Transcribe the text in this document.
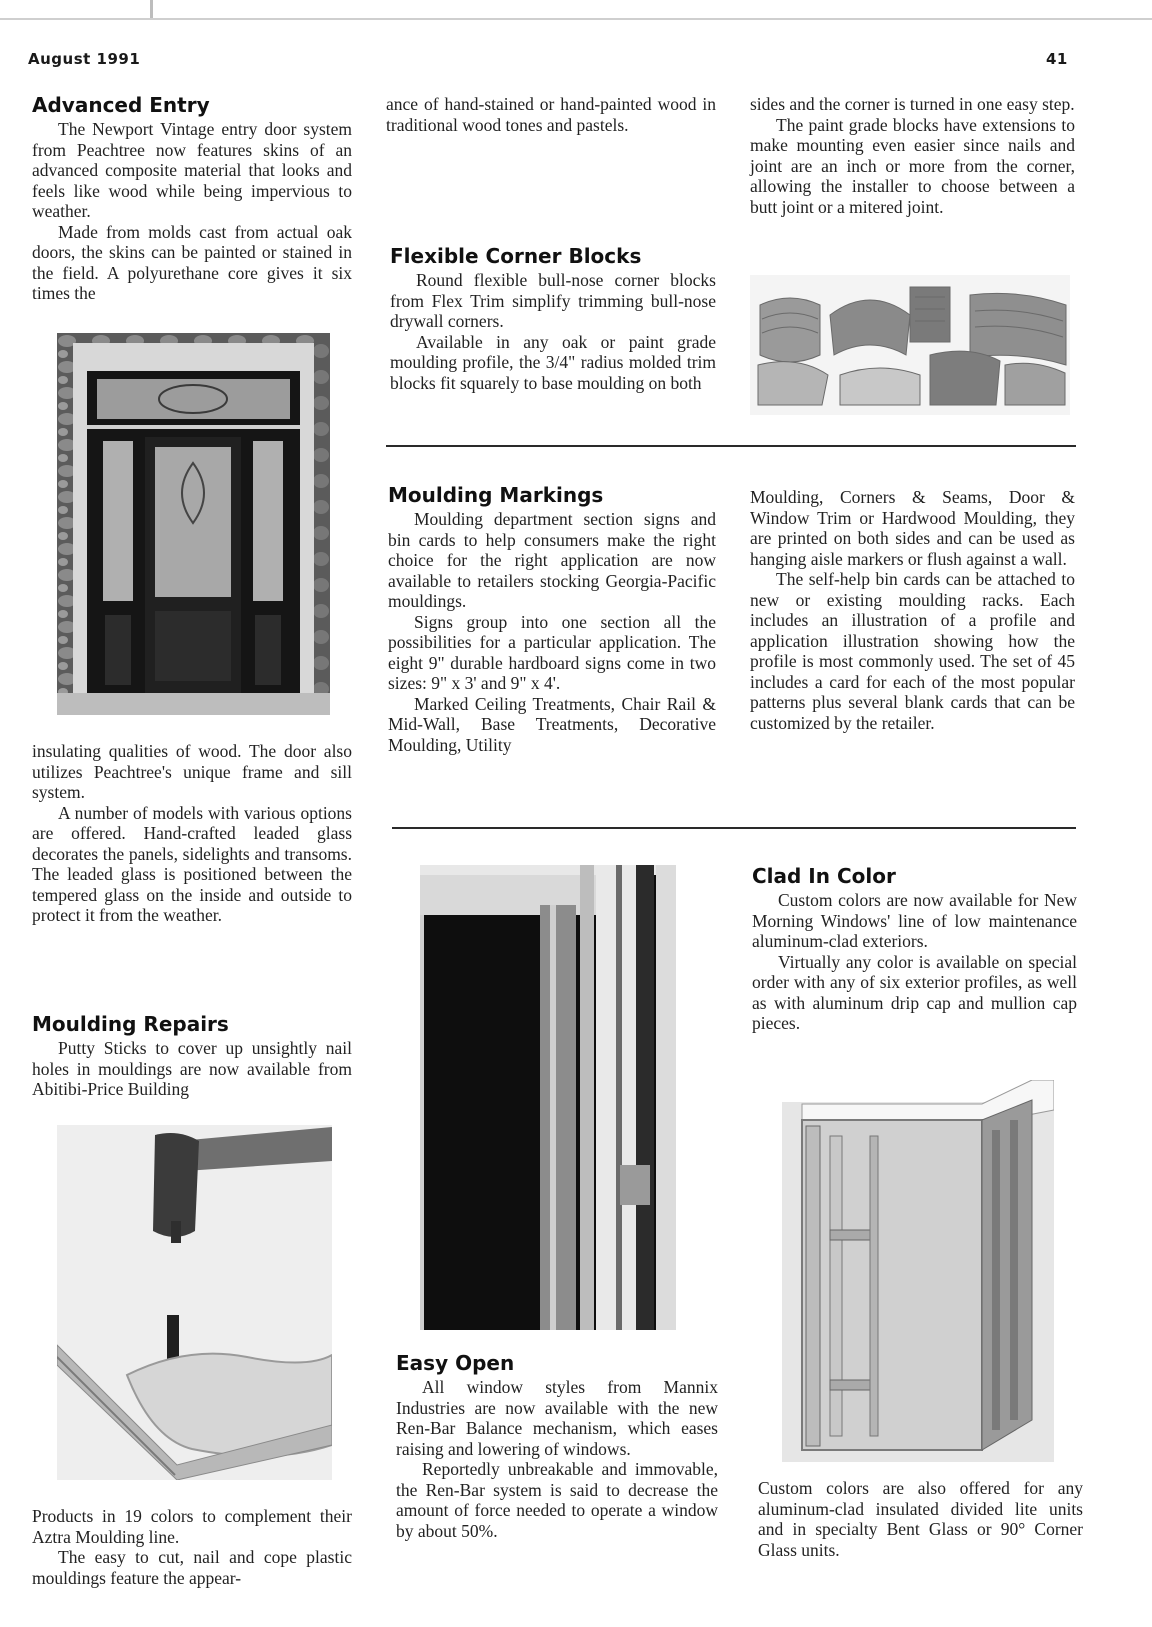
August 1991	41
Advanced Entry

The Newport Vintage entry door system from Peachtree now features skins of an advanced composite material that looks and feels like wood while being impervious to weather.

Made from molds cast from actual oak doors, the skins can be painted or stained in the field. A polyurethane core gives it six times the

insulating qualities of wood. The door also utilizes Peachtree's unique frame and sill system.

A number of models with various options are offered. Hand-crafted leaded glass decorates the panels, sidelights and transoms. The leaded glass is positioned between the tempered glass on the inside and outside to protect it from the weather.

Moulding Repairs

Putty Sticks to cover up unsightly nail holes in mouldings are now available from Abitibi-Price Building

Products in 19 colors to complement their Aztra Moulding line.

The easy to cut, nail and cope plastic mouldings feature the appear-

ance of hand-stained or hand-painted wood in traditional wood tones and pastels.

Flexible Corner Blocks

Round flexible bull-nose corner blocks from Flex Trim simplify trimming bull-nose drywall corners.

Available in any oak or paint grade moulding profile, the 3/4" radius molded trim blocks fit squarely to base moulding on both

sides and the corner is turned in one easy step.

The paint grade blocks have extensions to make mounting even easier since nails and joint are an inch or more from the corner, allowing the installer to choose between a butt joint or a mitered joint.

Moulding Markings

Moulding department section signs and bin cards to help consumers make the right choice for the right application are now available to retailers stocking Georgia-Pacific mouldings.

Signs group into one section all the possibilities for a particular application. The eight 9" durable hardboard signs come in two sizes: 9" x 3' and 9" x 4'.

Marked Ceiling Treatments, Chair Rail & Mid-Wall, Base Treatments, Decorative Moulding, Utility

Moulding, Corners & Seams, Door & Window Trim or Hardwood Moulding, they are printed on both sides and can be used as hanging aisle markers or flush against a wall.

The self-help bin cards can be attached to new or existing moulding racks. Each includes an illustration of a profile and application illustration showing how the profile is most commonly used. The set of 45 includes a card for each of the most popular patterns plus several blank cards that can be customized by the retailer.

Easy Open

All window styles from Mannix Industries are now available with the new Ren-Bar Balance mechanism, which eases raising and lowering of windows.

Reportedly unbreakable and immovable, the Ren-Bar system is said to decrease the amount of force needed to operate a window by about 50%.

Clad In Color

Custom colors are now available for New Morning Windows' line of low maintenance aluminum-clad exteriors.

Virtually any color is available on special order with any of six exterior profiles, as well as with aluminum drip cap and mullion cap pieces.

Custom colors are also offered for any aluminum-clad insulated divided lite units and in specialty Bent Glass or 90° Corner Glass units.
